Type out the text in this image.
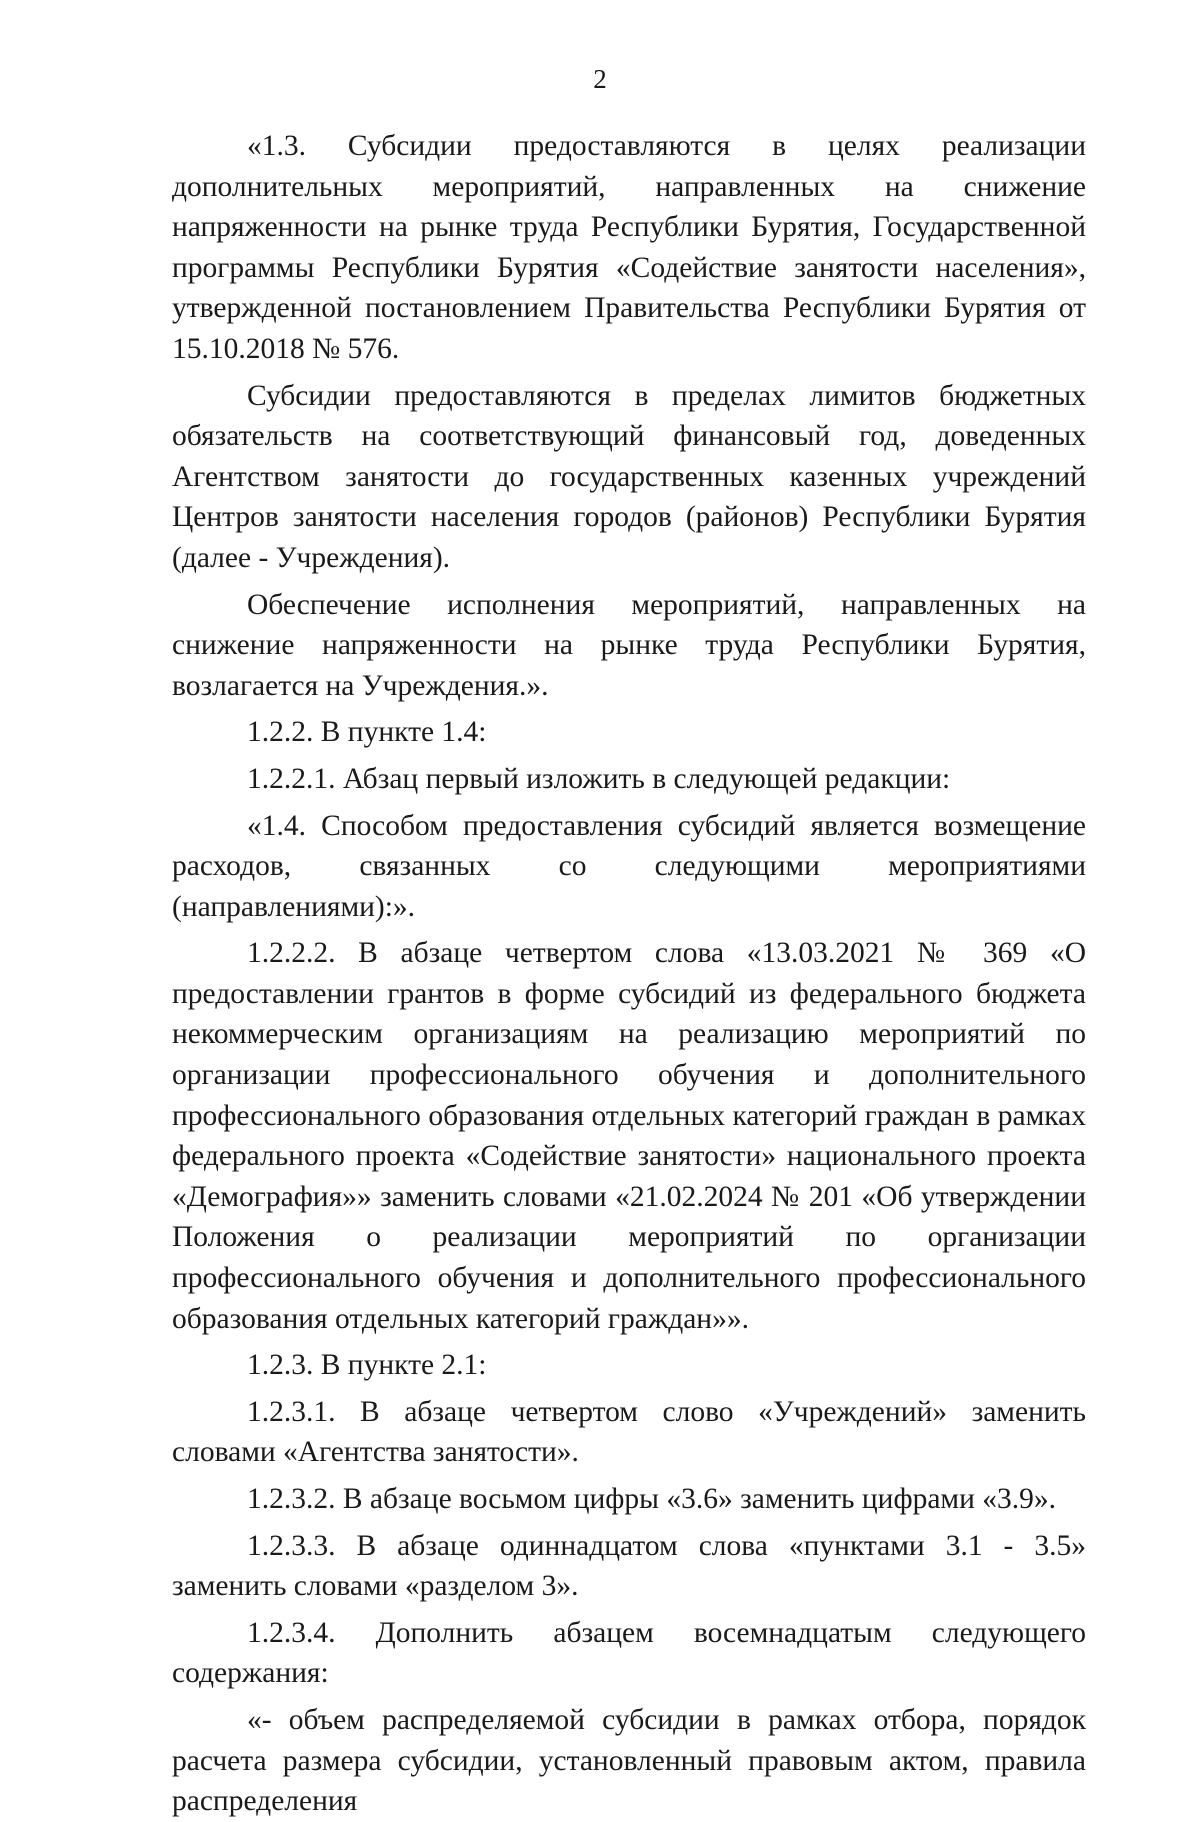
2

«1.3. Субсидии предоставляются в целях реализации дополнительных мероприятий, направленных на снижение напряженности на рынке труда Республики Бурятия, Государственной программы Республики Бурятия «Содействие занятости населения», утвержденной постановлением Правительства Республики Бурятия от 15.10.2018 № 576.

Субсидии предоставляются в пределах лимитов бюджетных обязательств на соответствующий финансовый год, доведенных Агентством занятости до государственных казенных учреждений Центров занятости населения городов (районов) Республики Бурятия (далее - Учреждения).

Обеспечение исполнения мероприятий, направленных на снижение напряженности на рынке труда Республики Бурятия, возлагается на Учреждения.».

1.2.2. В пункте 1.4:

1.2.2.1. Абзац первый изложить в следующей редакции:

«1.4. Способом предоставления субсидий является возмещение расходов, связанных со следующими мероприятиями (направлениями):».

1.2.2.2. В абзаце четвертом слова «13.03.2021 № 369 «О предоставлении грантов в форме субсидий из федерального бюджета некоммерческим организациям на реализацию мероприятий по организации профессионального обучения и дополнительного профессионального образования отдельных категорий граждан в рамках федерального проекта «Содействие занятости» национального проекта «Демография»» заменить словами «21.02.2024 № 201 «Об утверждении Положения о реализации мероприятий по организации профессионального обучения и дополнительного профессионального образования отдельных категорий граждан»».

1.2.3. В пункте 2.1:

1.2.3.1. В абзаце четвертом слово «Учреждений» заменить словами «Агентства занятости».

1.2.3.2. В абзаце восьмом цифры «3.6» заменить цифрами «3.9».

1.2.3.3. В абзаце одиннадцатом слова «пунктами 3.1 - 3.5» заменить словами «разделом 3».

1.2.3.4. Дополнить абзацем восемнадцатым следующего содержания:

«- объем распределяемой субсидии в рамках отбора, порядок расчета размера субсидии, установленный правовым актом, правила распределения
